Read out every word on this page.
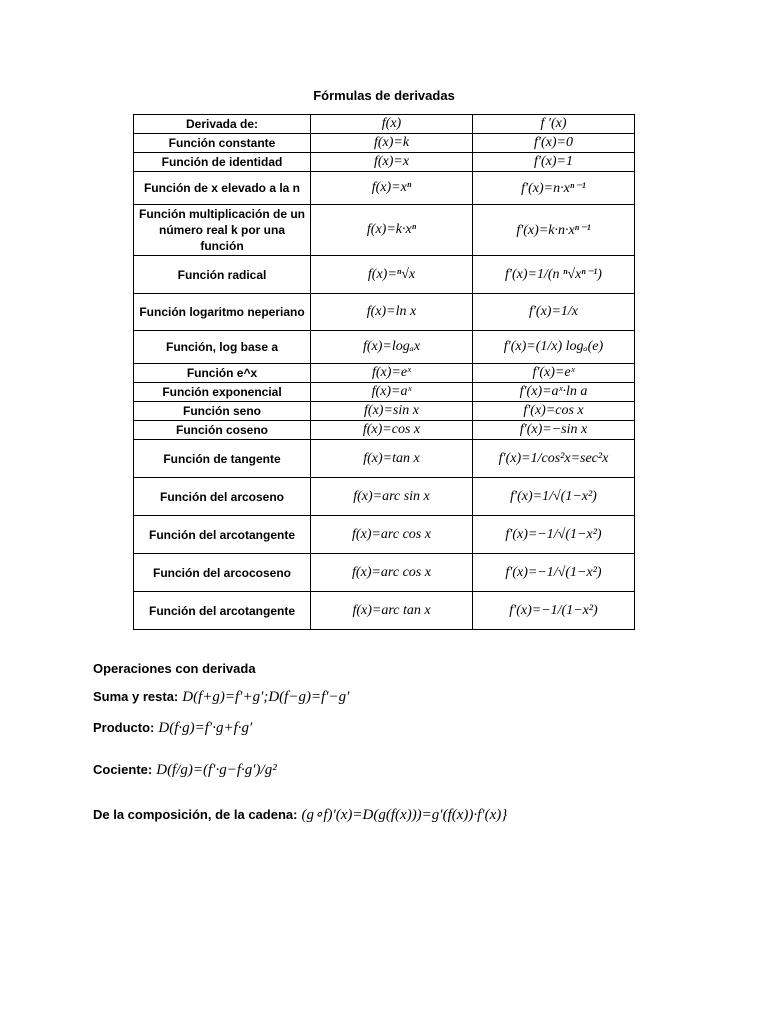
Fórmulas de derivadas
Derivada de:	f(x)	f ′(x)
Función constante	f(x)=k	f′(x)=0
Función de identidad	f(x)=x	f′(x)=1
Función de x elevado a la n	f(x)=xⁿ	f′(x)=n·xⁿ⁻¹
Función multiplicación de un número real k por una función	f(x)=k·xⁿ	f′(x)=k·n·xⁿ⁻¹
Función radical	f(x)=ⁿ√x	f′(x)=1/(n ⁿ√xⁿ⁻¹)
Función logaritmo neperiano	f(x)=ln x	f′(x)=1/x
Función, log base a	f(x)=logₐx	f′(x)=(1/x) logₐ(e)
Función e^x	f(x)=eˣ	f′(x)=eˣ
Función exponencial	f(x)=aˣ	f′(x)=aˣ·ln a
Función seno	f(x)=sin x	f′(x)=cos x
Función coseno	f(x)=cos x	f′(x)=−sin x
Función de tangente	f(x)=tan x	f′(x)=1/cos²x=sec²x
Función del arcoseno	f(x)=arc sin x	f′(x)=1/√(1−x²)
Función del arcotangente	f(x)=arc cos x	f′(x)=−1/√(1−x²)
Función del arcocoseno	f(x)=arc cos x	f′(x)=−1/√(1−x²)
Función del arcotangente	f(x)=arc tan x	f′(x)=−1/(1−x²)
Operaciones con derivada
Suma y resta: D(f+g)=f′+g′;D(f−g)=f′−g′
Producto: D(f·g)=f′·g+f·g′
Cociente: D(f/g)=(f′·g−f·g′)/g²
De la composición, de la cadena: (g∘f)′(x)=D(g(f(x)))=g′(f(x))·f′(x)}
